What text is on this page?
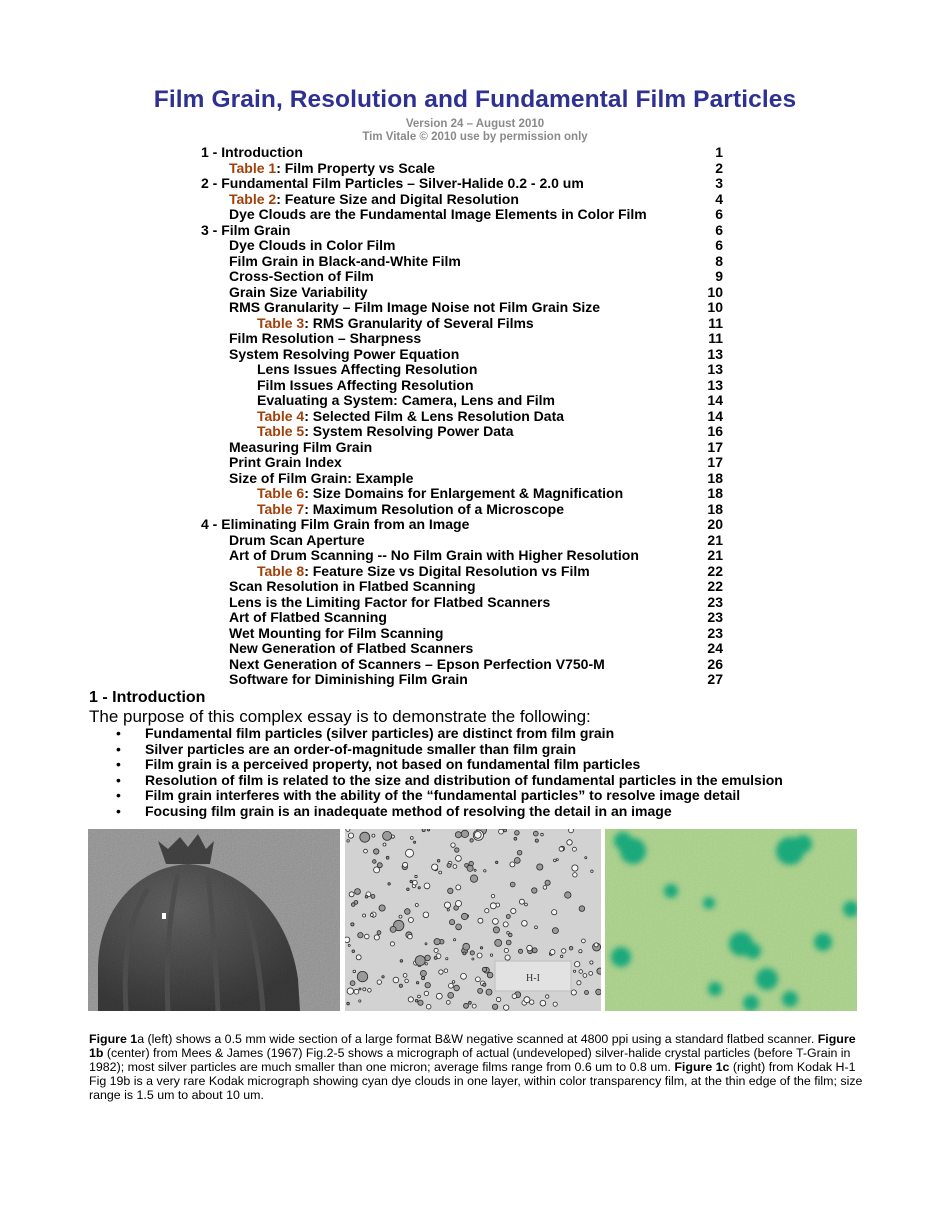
Film Grain, Resolution and Fundamental Film Particles
Version 24 – August 2010
Tim Vitale © 2010 use by permission only
1 - Introduction	1
Table 1: Film Property vs Scale	2
2 - Fundamental Film Particles – Silver-Halide 0.2 - 2.0 um	3
Table 2: Feature Size and Digital Resolution	4
Dye Clouds are the Fundamental Image Elements in Color Film	6
3 - Film Grain	6
Dye Clouds in Color Film	6
Film Grain in Black-and-White Film	8
Cross-Section of Film	9
Grain Size Variability	10
RMS Granularity – Film Image Noise not Film Grain Size	10
Table 3: RMS Granularity of Several Films	11
Film Resolution – Sharpness	11
System Resolving Power Equation	13
Lens Issues Affecting Resolution	13
Film Issues Affecting Resolution	13
Evaluating a System: Camera, Lens and Film	14
Table 4: Selected Film & Lens Resolution Data	14
Table 5: System Resolving Power Data	16
Measuring Film Grain	17
Print Grain Index	17
Size of Film Grain: Example	18
Table 6: Size Domains for Enlargement & Magnification	18
Table 7: Maximum Resolution of a Microscope	18
4 - Eliminating Film Grain from an Image	20
Drum Scan Aperture	21
Art of Drum Scanning -- No Film Grain with Higher Resolution	21
Table 8: Feature Size vs Digital Resolution vs Film	22
Scan Resolution in Flatbed Scanning	22
Lens is the Limiting Factor for Flatbed Scanners	23
Art of Flatbed Scanning	23
Wet Mounting for Film Scanning	23
New Generation of Flatbed Scanners	24
Next Generation of Scanners – Epson Perfection V750-M	26
Software for Diminishing Film Grain	27
1 - Introduction
The purpose of this complex essay is to demonstrate the following:
• Fundamental film particles (silver particles) are distinct from film grain
• Silver particles are an order-of-magnitude smaller than film grain
• Film grain is a perceived property, not based on fundamental film particles
• Resolution of film is related to the size and distribution of fundamental particles in the emulsion
• Film grain interferes with the ability of the “fundamental particles” to resolve image detail
• Focusing film grain is an inadequate method of resolving the detail in an image
H-I
Figure 1a (left) shows a 0.5 mm wide section of a large format B&W negative scanned at 4800 ppi using a standard flatbed scanner. Figure 1b (center) from Mees & James (1967) Fig.2-5 shows a micrograph of actual (undeveloped) silver-halide crystal particles (before T-Grain in 1982); most silver particles are much smaller than one micron; average films range from 0.6 um to 0.8 um. Figure 1c (right) from Kodak H-1 Fig 19b is a very rare Kodak micrograph showing cyan dye clouds in one layer, within color transparency film, at the thin edge of the film; size range is 1.5 um to about 10 um.
